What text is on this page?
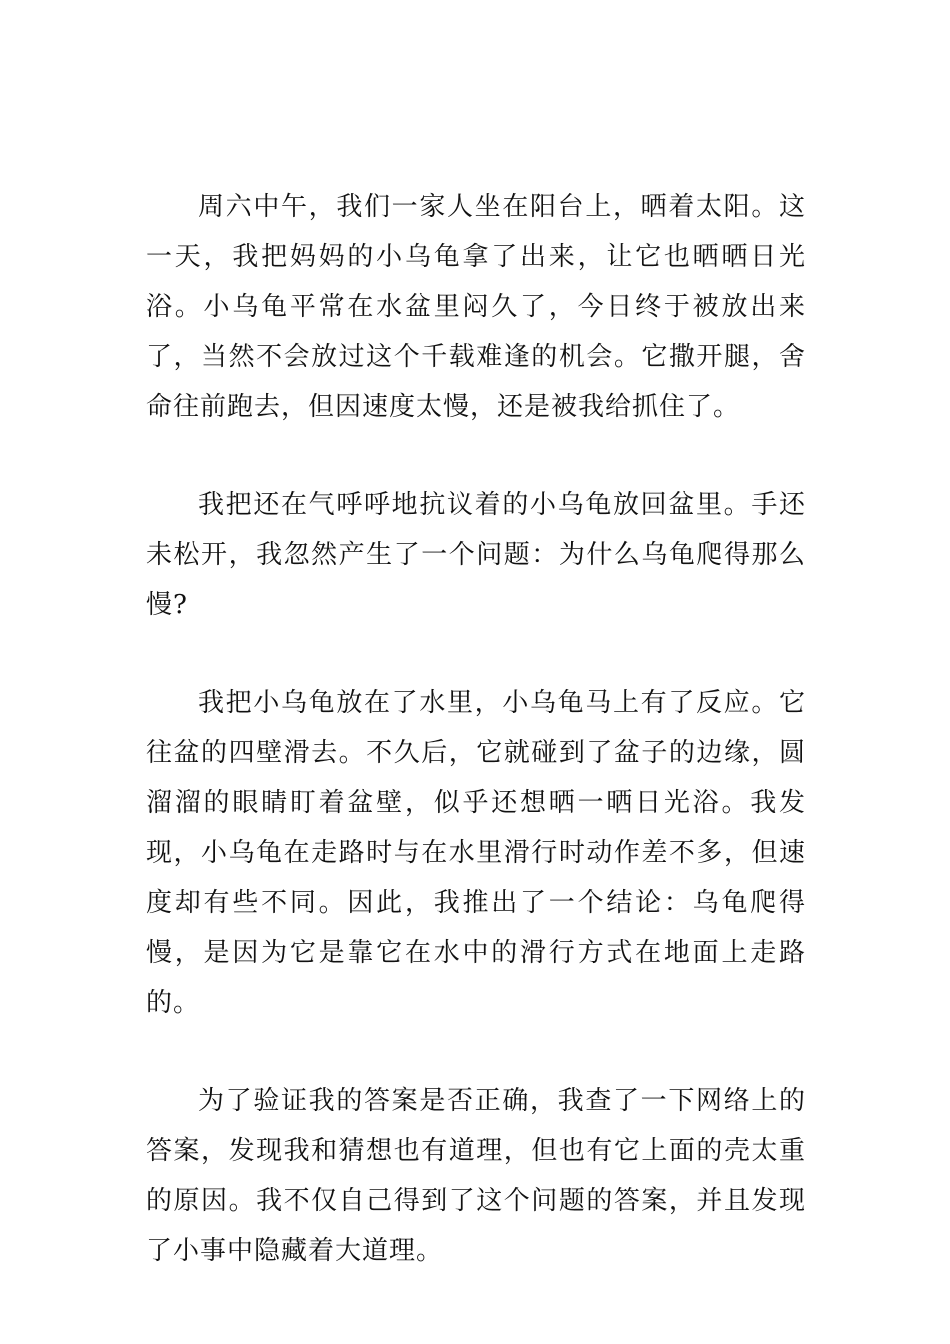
周六中午，我们一家人坐在阳台上，晒着太阳。这一天，我把妈妈的小乌龟拿了出来，让它也晒晒日光浴。小乌龟平常在水盆里闷久了，今日终于被放出来了，当然不会放过这个千载难逢的机会。它撒开腿，舍命往前跑去，但因速度太慢，还是被我给抓住了。

我把还在气呼呼地抗议着的小乌龟放回盆里。手还未松开，我忽然产生了一个问题：为什么乌龟爬得那么慢?

我把小乌龟放在了水里，小乌龟马上有了反应。它往盆的四壁滑去。不久后，它就碰到了盆子的边缘，圆溜溜的眼睛盯着盆壁，似乎还想晒一晒日光浴。我发现，小乌龟在走路时与在水里滑行时动作差不多，但速度却有些不同。因此，我推出了一个结论：乌龟爬得慢，是因为它是靠它在水中的滑行方式在地面上走路的。

为了验证我的答案是否正确，我查了一下网络上的答案，发现我和猜想也有道理，但也有它上面的壳太重的原因。我不仅自己得到了这个问题的答案，并且发现了小事中隐藏着大道理。
